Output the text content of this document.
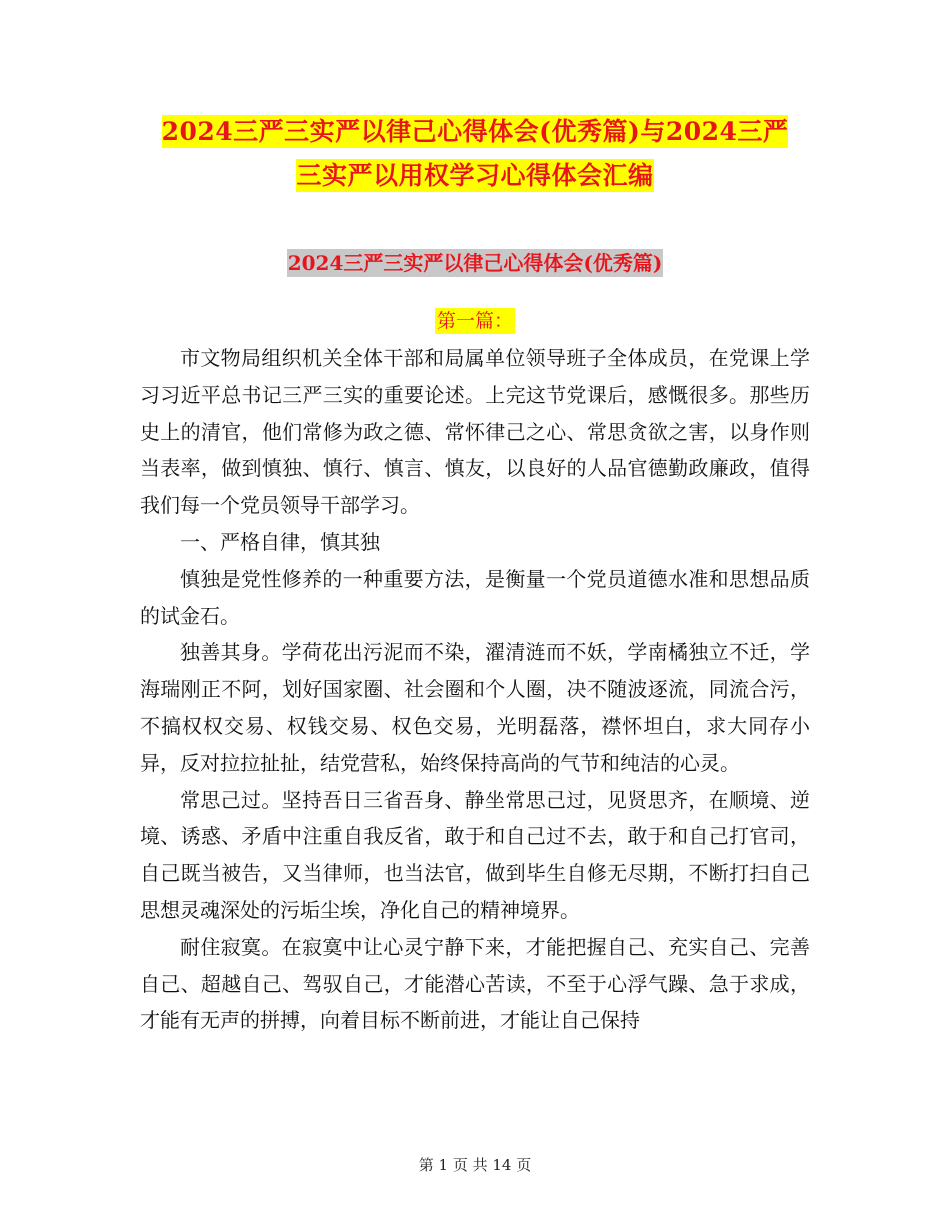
2024三严三实严以律己心得体会(优秀篇)与2024三严
三实严以用权学习心得体会汇编
2024三严三实严以律己心得体会(优秀篇)
第一篇：

市文物局组织机关全体干部和局属单位领导班子全体成员，在党课上学习习近平总书记三严三实的重要论述。上完这节党课后，感慨很多。那些历史上的清官，他们常修为政之德、常怀律己之心、常思贪欲之害，以身作则当表率，做到慎独、慎行、慎言、慎友，以良好的人品官德勤政廉政，值得我们每一个党员领导干部学习。

一、严格自律，慎其独

慎独是党性修养的一种重要方法，是衡量一个党员道德水准和思想品质的试金石。

独善其身。学荷花出污泥而不染，濯清涟而不妖，学南橘独立不迁，学海瑞刚正不阿，划好国家圈、社会圈和个人圈，决不随波逐流，同流合污，不搞权权交易、权钱交易、权色交易，光明磊落，襟怀坦白，求大同存小异，反对拉拉扯扯，结党营私，始终保持高尚的气节和纯洁的心灵。

常思己过。坚持吾日三省吾身、静坐常思己过，见贤思齐，在顺境、逆境、诱惑、矛盾中注重自我反省，敢于和自己过不去，敢于和自己打官司，自己既当被告，又当律师，也当法官，做到毕生自修无尽期，不断打扫自己思想灵魂深处的污垢尘埃，净化自己的精神境界。

耐住寂寞。在寂寞中让心灵宁静下来，才能把握自己、充实自己、完善自己、超越自己、驾驭自己，才能潜心苦读，不至于心浮气躁、急于求成，才能有无声的拼搏，向着目标不断前进，才能让自己保持

第 1 页 共 14 页
